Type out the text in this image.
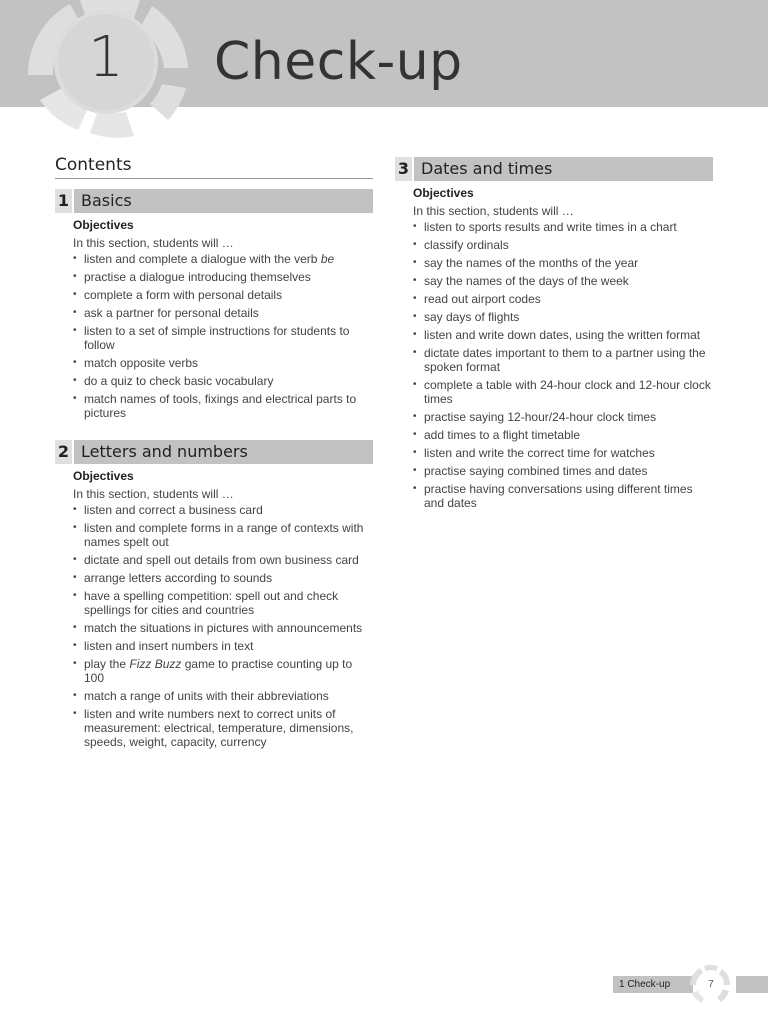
1	Check-up
Contents
1 Basics
Objectives
In this section, students will …
• listen and complete a dialogue with the verb be
• practise a dialogue introducing themselves
• complete a form with personal details
• ask a partner for personal details
• listen to a set of simple instructions for students to follow
• match opposite verbs
• do a quiz to check basic vocabulary
• match names of tools, fixings and electrical parts to pictures
2 Letters and numbers
Objectives
In this section, students will …
• listen and correct a business card
• listen and complete forms in a range of contexts with names spelt out
• dictate and spell out details from own business card
• arrange letters according to sounds
• have a spelling competition: spell out and check spellings for cities and countries
• match the situations in pictures with announcements
• listen and insert numbers in text
• play the Fizz Buzz game to practise counting up to 100
• match a range of units with their abbreviations
• listen and write numbers next to correct units of measurement: electrical, temperature, dimensions, speeds, weight, capacity, currency
3 Dates and times
Objectives
In this section, students will …
• listen to sports results and write times in a chart
• classify ordinals
• say the names of the months of the year
• say the names of the days of the week
• read out airport codes
• say days of flights
• listen and write down dates, using the written format
• dictate dates important to them to a partner using the spoken format
• complete a table with 24-hour clock and 12-hour clock times
• practise saying 12-hour/24-hour clock times
• add times to a flight timetable
• listen and write the correct time for watches
• practise saying combined times and dates
• practise having conversations using different times and dates
1 Check-up	7
